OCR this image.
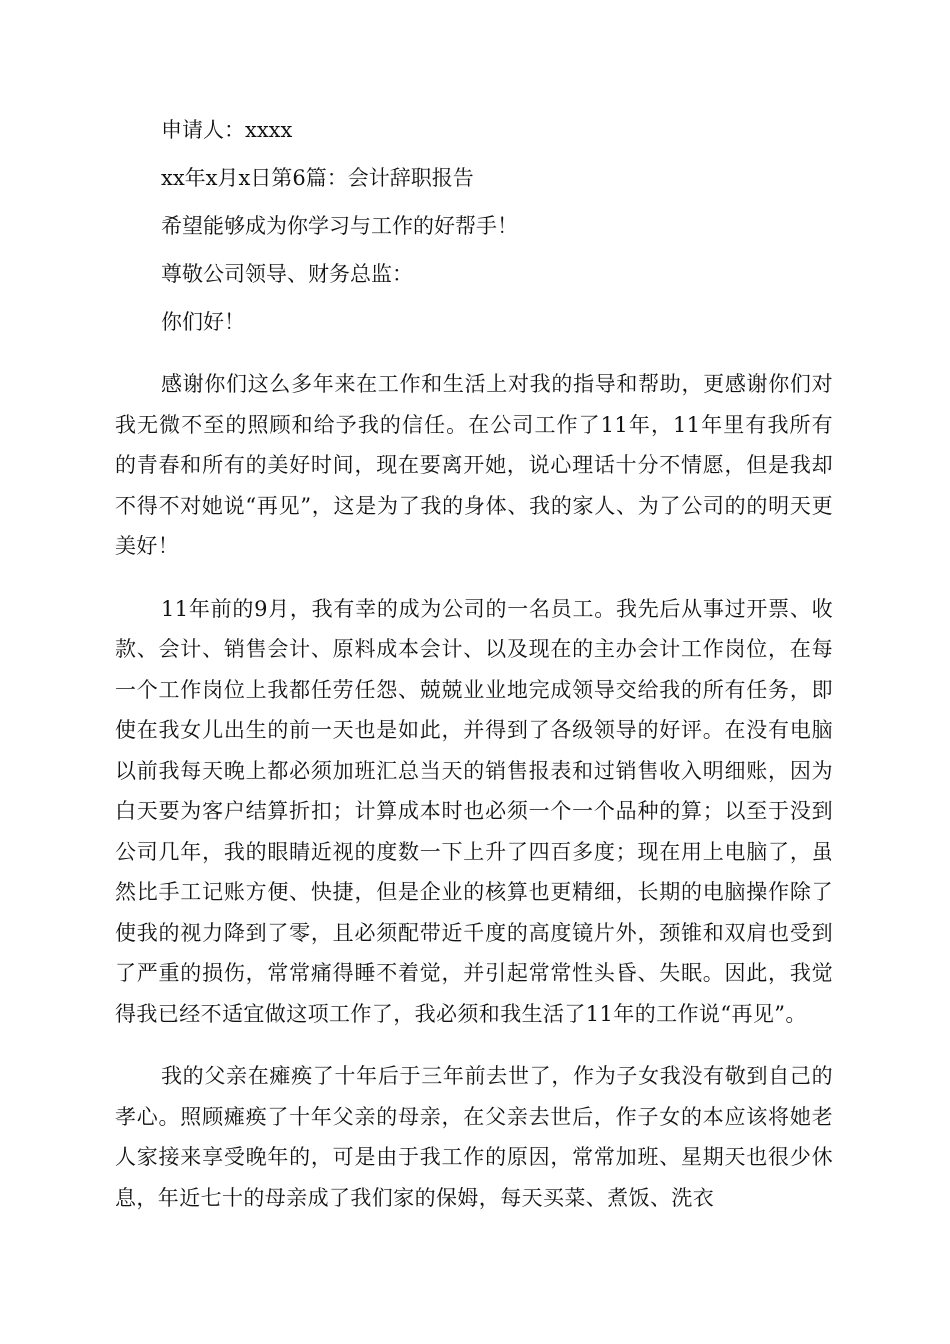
申请人：xxxx

xx年x月x日第6篇：会计辞职报告

希望能够成为你学习与工作的好帮手！

尊敬公司领导、财务总监：

你们好！

感谢你们这么多年来在工作和生活上对我的指导和帮助，更感谢你们对我无微不至的照顾和给予我的信任。在公司工作了11年，11年里有我所有的青春和所有的美好时间，现在要离开她，说心理话十分不情愿，但是我却不得不对她说“再见”，这是为了我的身体、我的家人、为了公司的的明天更美好！

11年前的9月，我有幸的成为公司的一名员工。我先后从事过开票、收款、会计、销售会计、原料成本会计、以及现在的主办会计工作岗位，在每一个工作岗位上我都任劳任怨、兢兢业业地完成领导交给我的所有任务，即使在我女儿出生的前一天也是如此，并得到了各级领导的好评。在没有电脑以前我每天晚上都必须加班汇总当天的销售报表和过销售收入明细账，因为白天要为客户结算折扣；计算成本时也必须一个一个品种的算；以至于没到公司几年，我的眼睛近视的度数一下上升了四百多度；现在用上电脑了，虽然比手工记账方便、快捷，但是企业的核算也更精细，长期的电脑操作除了使我的视力降到了零，且必须配带近千度的高度镜片外，颈锥和双肩也受到了严重的损伤，常常痛得睡不着觉，并引起常常性头昏、失眠。因此，我觉得我已经不适宜做这项工作了，我必须和我生活了11年的工作说“再见”。

我的父亲在瘫痪了十年后于三年前去世了，作为子女我没有敬到自己的孝心。照顾瘫痪了十年父亲的母亲，在父亲去世后，作子女的本应该将她老人家接来享受晚年的，可是由于我工作的原因，常常加班、星期天也很少休息，年近七十的母亲成了我们家的保姆，每天买菜、煮饭、洗衣
